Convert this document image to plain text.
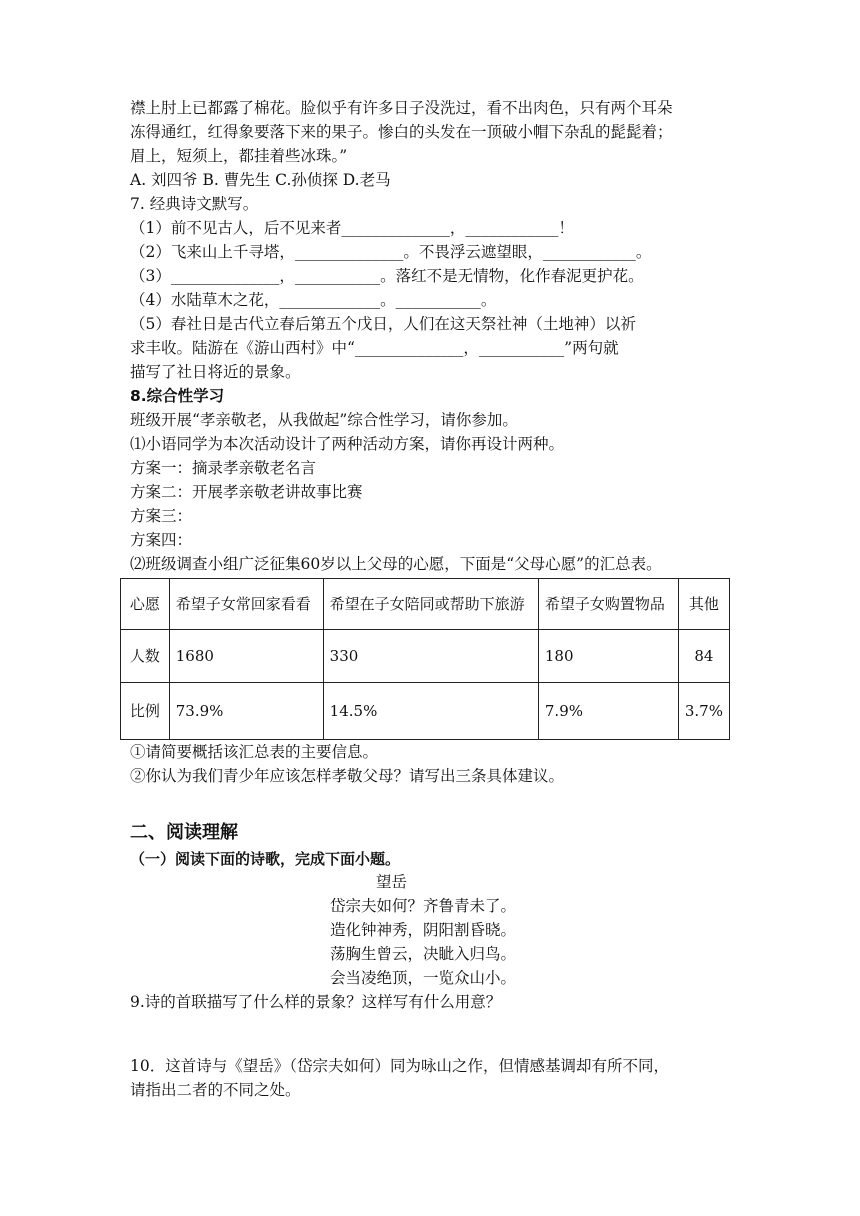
襟上肘上已都露了棉花。脸似乎有许多日子没洗过，看不出肉色，只有两个耳朵
冻得通红，红得象要落下来的果子。惨白的头发在一顶破小帽下杂乱的髭髭着；
眉上，短须上，都挂着些冰珠。”
A. 刘四爷 B. 曹先生 C.孙侦探 D.老马
7. 经典诗文默写。
（1）前不见古人，后不见来者______________，____________！
（2）飞来山上千寻塔，______________。不畏浮云遮望眼，____________。
（3）______________，___________。落红不是无情物，化作春泥更护花。
（4）水陆草木之花，_____________。___________。
（5）春社日是古代立春后第五个戊日，人们在这天祭社神（土地神）以祈
求丰收。陆游在《游山西村》中“______________，___________”两句就
描写了社日将近的景象。
8.综合性学习
班级开展“孝亲敬老，从我做起”综合性学习，请你参加。
⑴小语同学为本次活动设计了两种活动方案，请你再设计两种。
方案一：摘录孝亲敬老名言
方案二：开展孝亲敬老讲故事比赛
方案三：
方案四：
⑵班级调查小组广泛征集60岁以上父母的心愿，下面是“父母心愿”的汇总表。
心愿	希望子女常回家看看	希望在子女陪同或帮助下旅游	希望子女购置物品	其他
人数	1680	330	180	84
比例	73.9%	14.5%	7.9%	3.7%
①请简要概括该汇总表的主要信息。
②你认为我们青少年应该怎样孝敬父母？请写出三条具体建议。
二、阅读理解
（一）阅读下面的诗歌，完成下面小题。
望岳
岱宗夫如何？齐鲁青未了。
造化钟神秀，阴阳割昏晓。
荡胸生曾云，决眦入归鸟。
会当凌绝顶，一览众山小。
9.诗的首联描写了什么样的景象？这样写有什么用意？
10．这首诗与《望岳》（岱宗夫如何）同为咏山之作，但情感基调却有所不同，
请指出二者的不同之处。
